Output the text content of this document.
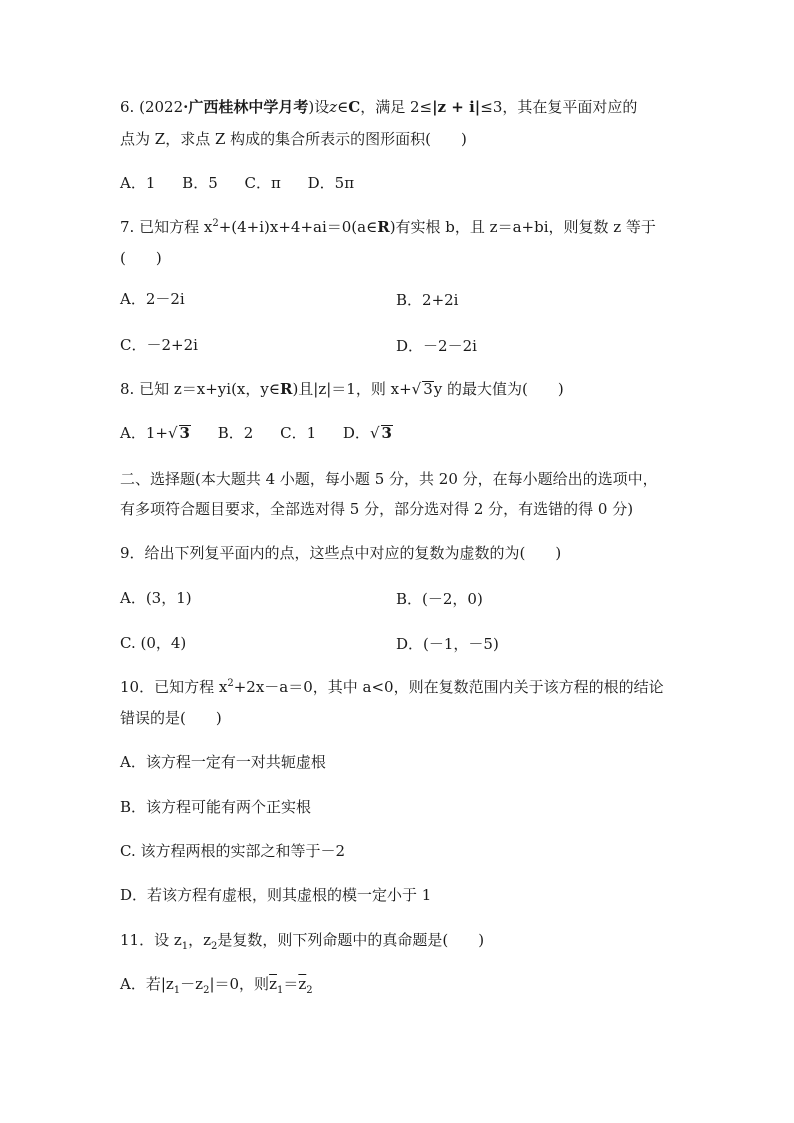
6. (2022·广西桂林中学月考)设z∈C，满足 2≤|z + i|≤3，其在复平面对应的
点为 Z，求点 Z 构成的集合所表示的图形面积( )
A．1 B．5 C．π D．5π
7. 已知方程 $x^2+(4+i)x+4+ai=0(a\in R)$有实根 b，且 z＝a+bi，则复数 z 等于
( )
A．2－2i	B．2+2i
C．－2+2i	D．－2－2i
8. 已知 z＝x+yi(x，y∈R)且|z|＝1，则 x+√ 3y 的最大值为( )
A．1+√ 3 B．2 C．1 D．√ 3
二、选择题(本大题共 4 小题，每小题 5 分，共 20 分，在每小题给出的选项中，
有多项符合题目要求，全部选对得 5 分，部分选对得 2 分，有选错的得 0 分)
9．给出下列复平面内的点，这些点中对应的复数为虚数的为( )
A．(3，1)	B．(－2，0)
C. (0，4)	D．(－1，－5)
10．已知方程 $x^2+2x-a=0$，其中 a<0，则在复数范围内关于该方程的根的结论
错误的是( )
A．该方程一定有一对共轭虚根
B．该方程可能有两个正实根
C. 该方程两根的实部之和等于－2
D．若该方程有虚根，则其虚根的模一定小于 1
11．设 $z_1$，$z_2$是复数，则下列命题中的真命题是( )
A．若$|z_1-z_2|=0$，则$\overline{z}_1=\overline{z}_2$
